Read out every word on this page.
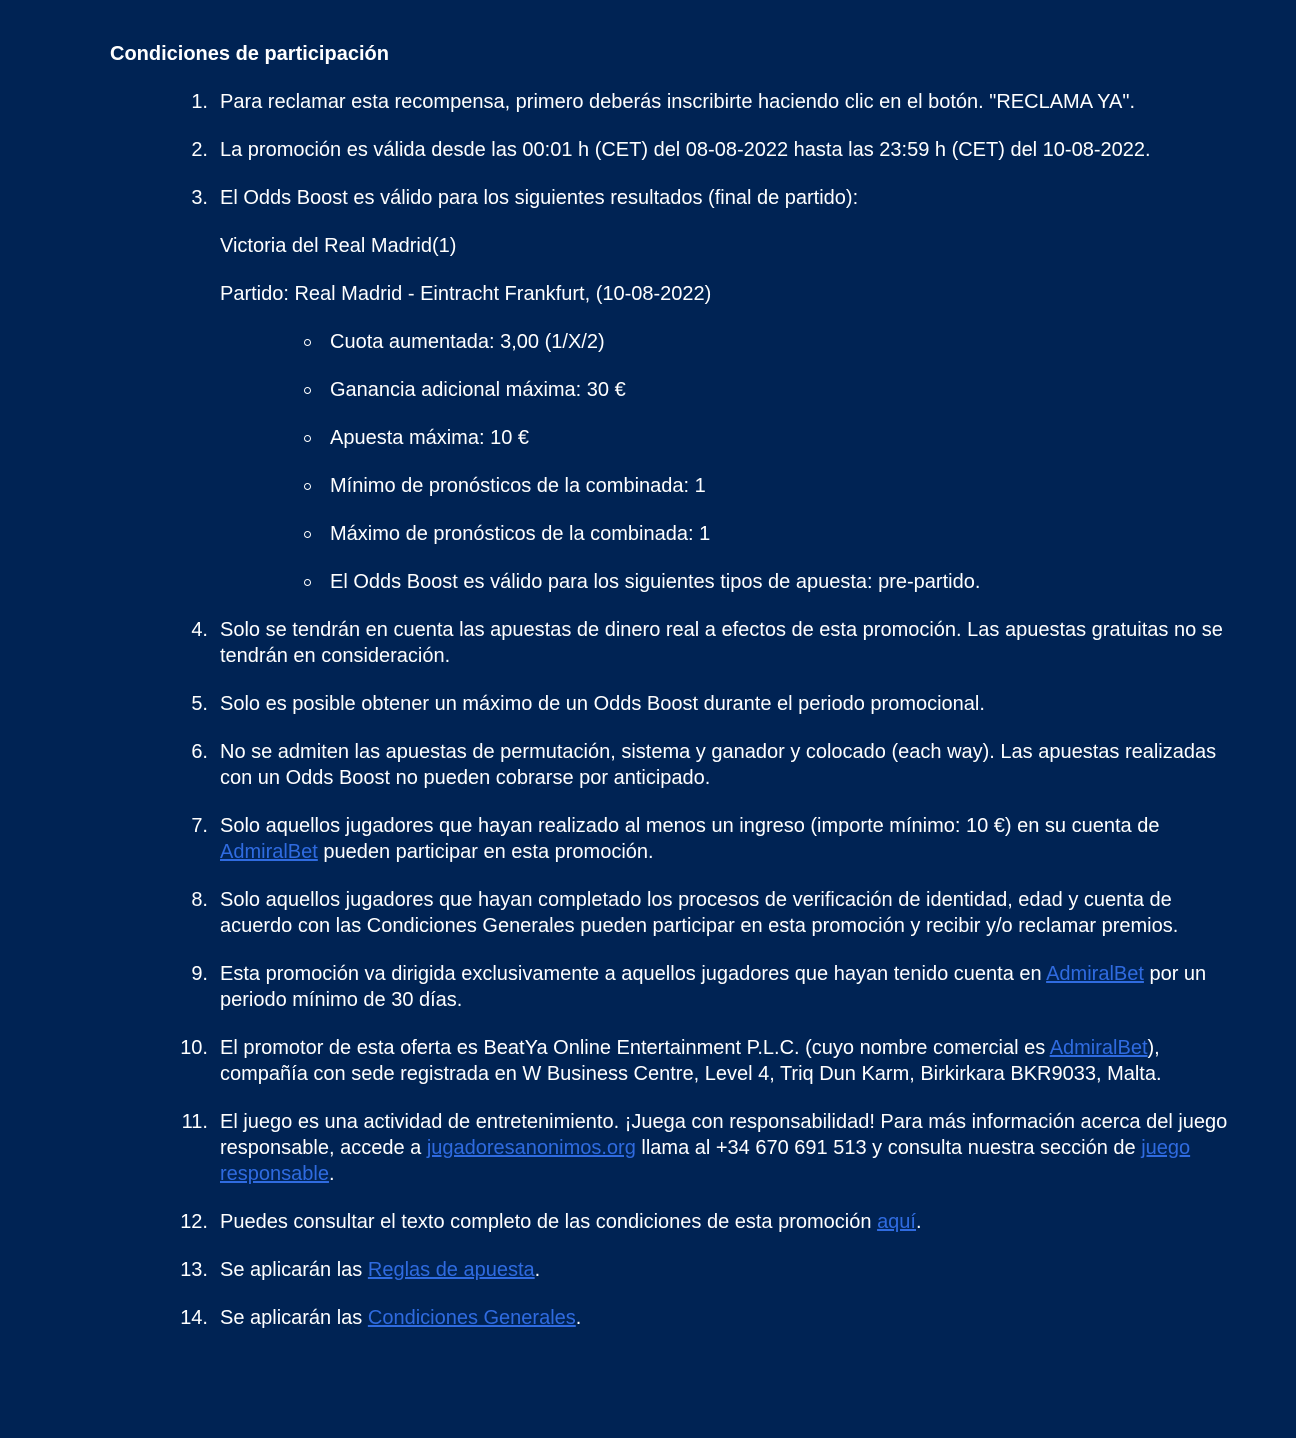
Condiciones de participación
1. Para reclamar esta recompensa, primero deberás inscribirte haciendo clic en el botón. "RECLAMA YA".
2. La promoción es válida desde las 00:01 h (CET) del 08-08-2022 hasta las 23:59 h (CET) del 10-08-2022.
3. El Odds Boost es válido para los siguientes resultados (final de partido):

Victoria del Real Madrid(1)

Partido: Real Madrid - Eintracht Frankfurt, (10-08-2022)

Cuota aumentada: 3,00 (1/X/2)
Ganancia adicional máxima: 30 €
Apuesta máxima: 10 €
Mínimo de pronósticos de la combinada: 1
Máximo de pronósticos de la combinada: 1
El Odds Boost es válido para los siguientes tipos de apuesta: pre-partido.
4. Solo se tendrán en cuenta las apuestas de dinero real a efectos de esta promoción. Las apuestas gratuitas no se tendrán en consideración.
5. Solo es posible obtener un máximo de un Odds Boost durante el periodo promocional.
6. No se admiten las apuestas de permutación, sistema y ganador y colocado (each way). Las apuestas realizadas con un Odds Boost no pueden cobrarse por anticipado.
7. Solo aquellos jugadores que hayan realizado al menos un ingreso (importe mínimo: 10 €) en su cuenta de AdmiralBet pueden participar en esta promoción.
8. Solo aquellos jugadores que hayan completado los procesos de verificación de identidad, edad y cuenta de acuerdo con las Condiciones Generales pueden participar en esta promoción y recibir y/o reclamar premios.
9. Esta promoción va dirigida exclusivamente a aquellos jugadores que hayan tenido cuenta en AdmiralBet por un periodo mínimo de 30 días.
10. El promotor de esta oferta es BeatYa Online Entertainment P.L.C. (cuyo nombre comercial es AdmiralBet), compañía con sede registrada en W Business Centre, Level 4, Triq Dun Karm, Birkirkara BKR9033, Malta.
11. El juego es una actividad de entretenimiento. ¡Juega con responsabilidad! Para más información acerca del juego responsable, accede a jugadoresanonimos.org llama al +34 670 691 513 y consulta nuestra sección de juego responsable.
12. Puedes consultar el texto completo de las condiciones de esta promoción aquí.
13. Se aplicarán las Reglas de apuesta.
14. Se aplicarán las Condiciones Generales.
